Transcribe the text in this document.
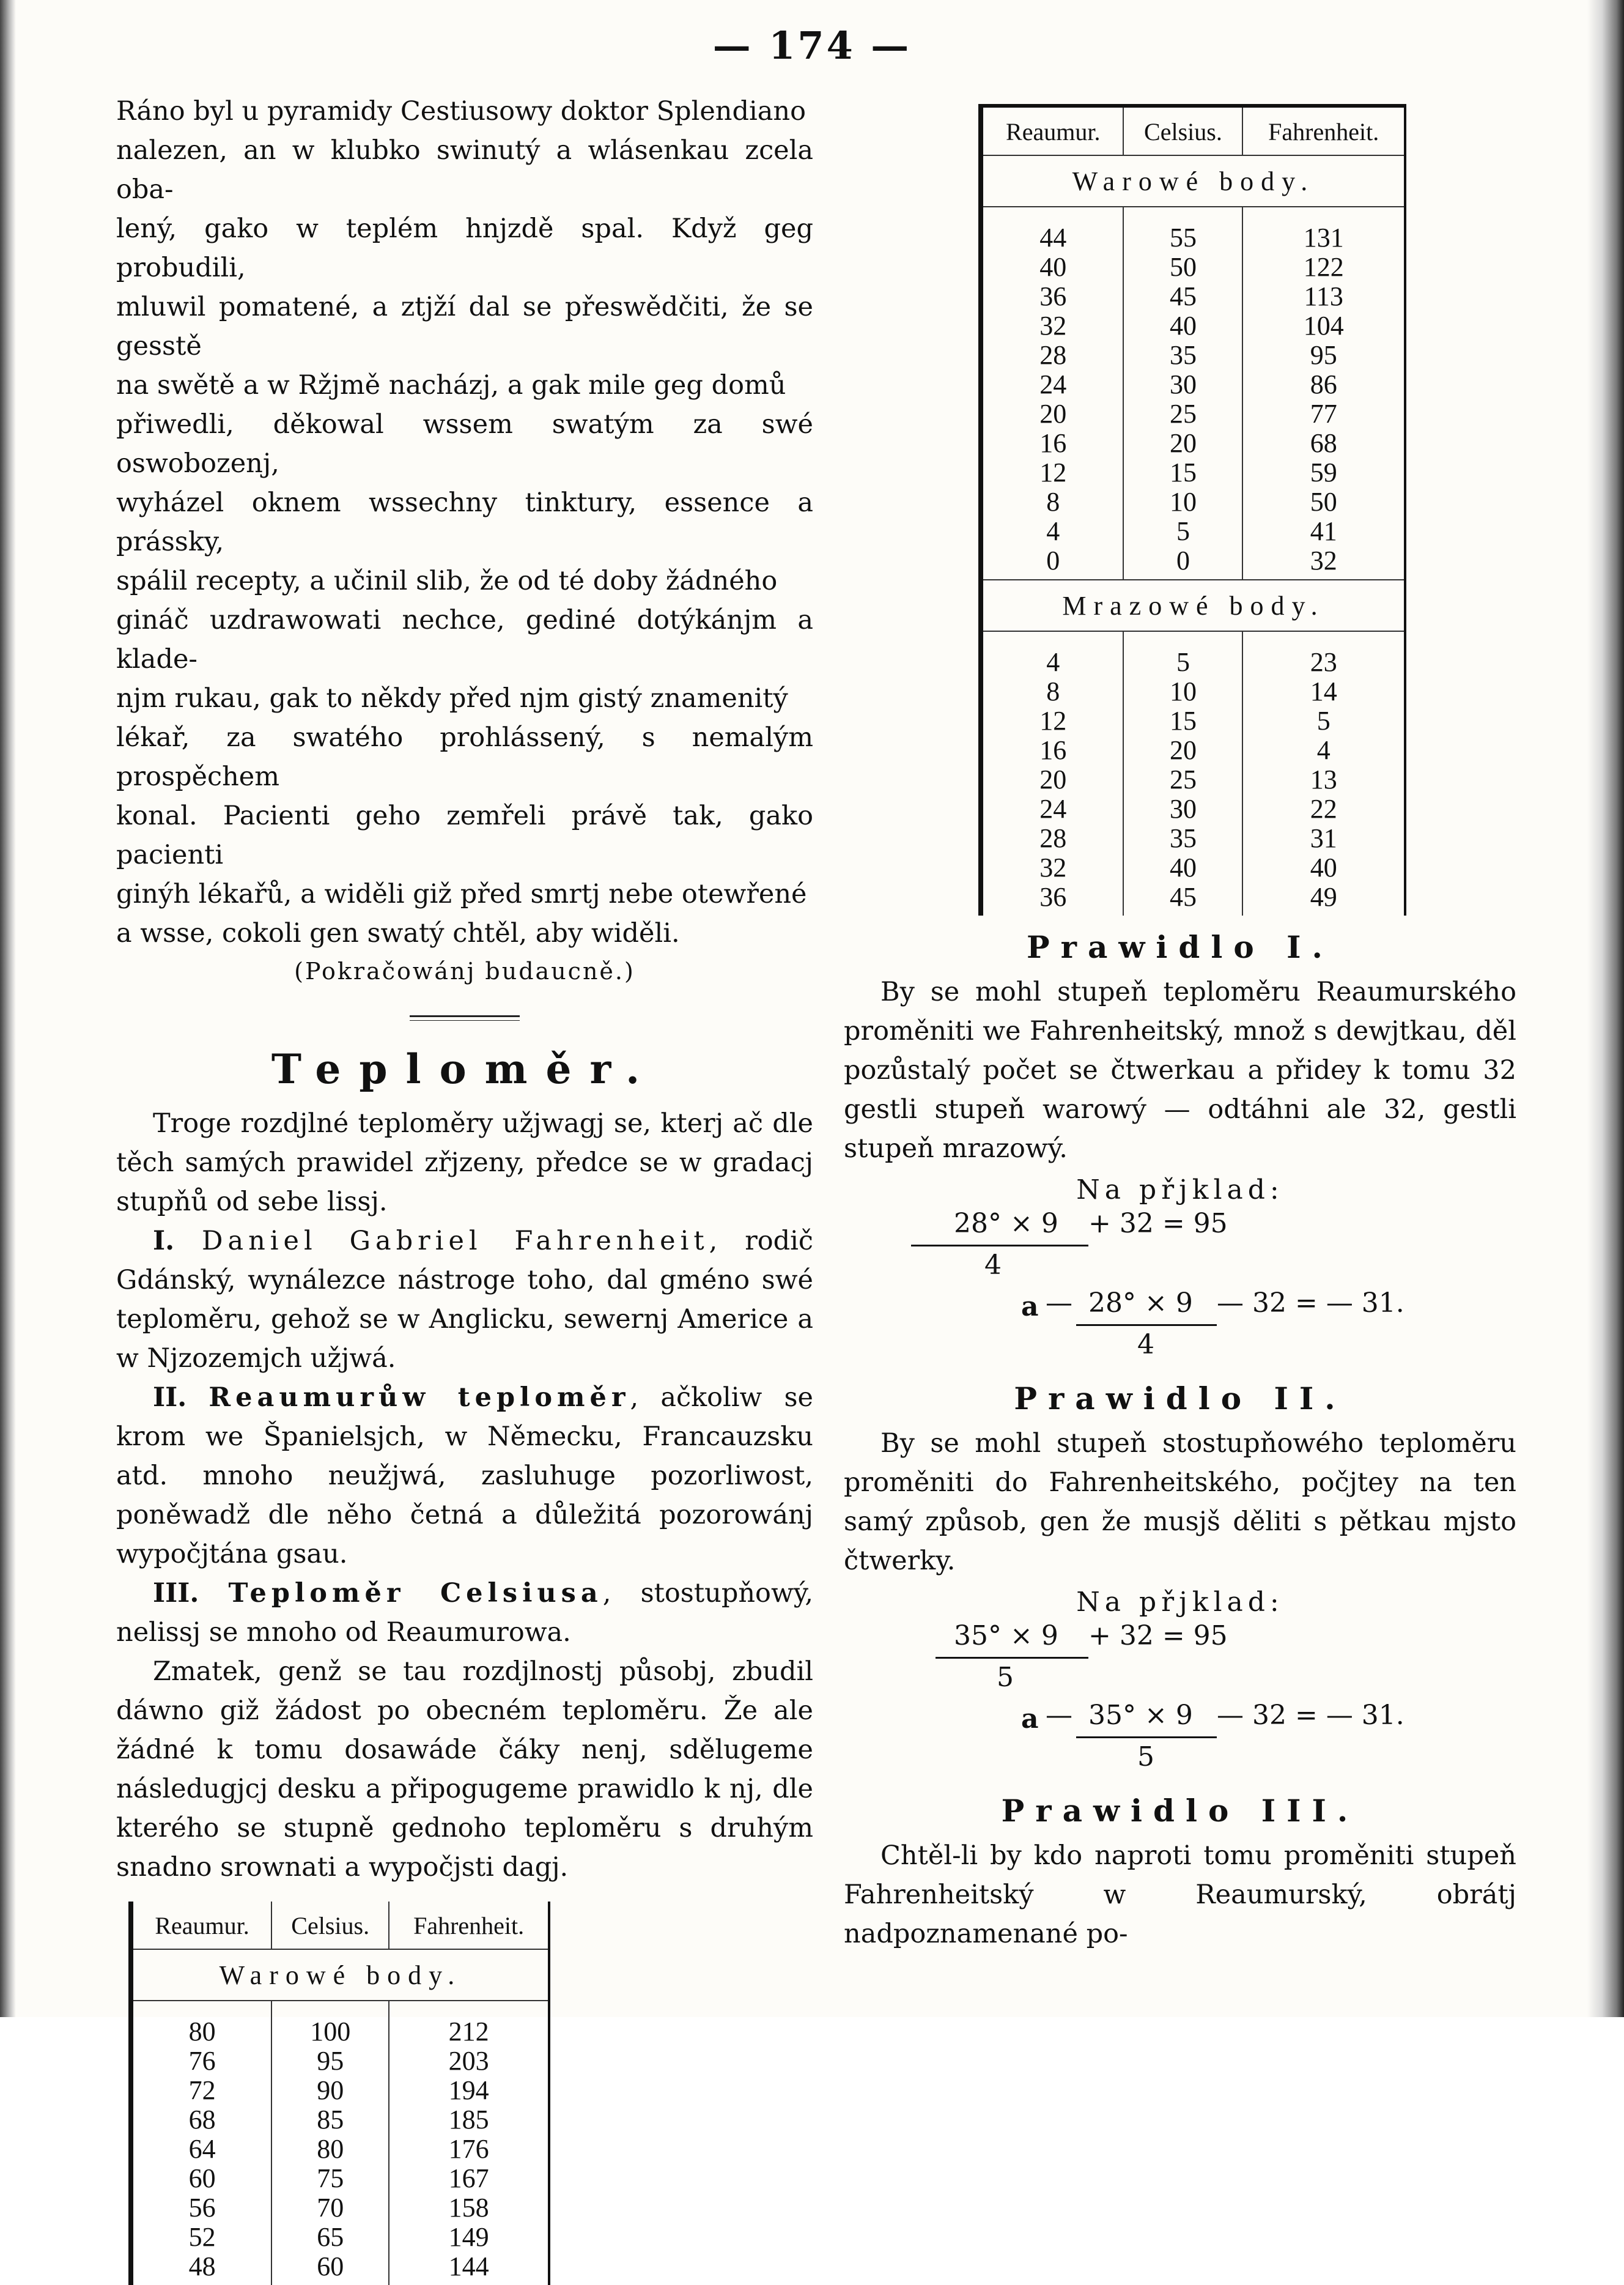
— 174 —
Ráno byl u pyramidy Cestiusowy doktor Splendiano
nalezen, an w klubko swinutý a wlásenkau zcela oba-
lený, gako w teplém hnjzdě spal. Když geg probudili,
mluwil pomatené, a ztjží dal se přeswědčiti, že se gesstě
na swětě a w Ržjmě nacházj, a gak mile geg domů
přiwedli, děkowal wssem swatým za swé oswobozenj,
wyházel oknem wssechny tinktury, essence a prássky,
spálil recepty, a učinil slib, že od té doby žádného
gináč uzdrawowati nechce, gediné dotýkánjm a klade-
njm rukau, gak to někdy před njm gistý znamenitý
lékař, za swatého prohlássený, s nemalým prospěchem
konal. Pacienti geho zemřeli právě tak, gako pacienti
ginýh lékařů, a widěli giž před smrtj nebe otewřené
a wsse, cokoli gen swatý chtěl, aby widěli.

(Pokračowánj budaucně.)

Teploměr.

Troge rozdjlné teploměry užjwagj se, kterj ač dle těch samých prawidel zřjzeny, předce se w gradacj stupňů od sebe lissj.

I. Daniel Gabriel Fahrenheit, rodič Gdánský, wynálezce nástroge toho, dal gméno swé teploměru, gehož se w Anglicku, sewernj Americe a w Njzozemjch užjwá.

II. Reaumurůw teploměr, ačkoliw se krom we Španielsjch, w Německu, Francauzsku atd. mnoho neužjwá, zasluhuge pozorliwost, poněwadž dle něho četná a důležitá pozorowánj wypočjtána gsau.

III. Teploměr Celsiusa, stostupňowý, nelissj se mnoho od Reaumurowa.

Zmatek, genž se tau rozdjlnostj působj, zbudil dáwno giž žádost po obecném teploměru. Že ale žádné k tomu dosawáde čáky nenj, sdělugeme následugjcj desku a připogugeme prawidlo k nj, dle kterého se stupně gednoho teploměru s druhým snadno srownati a wypočjsti dagj.

Reaumur.	Celsius.	Fahrenheit.
Warowé body.		

80	100	212
76	95	203
72	90	194
68	85	185
64	80	176
60	75	167
56	70	158
52	65	149
48	60	144
Reaumur.	Celsius.	Fahrenheit.
Warowé body.		

44	55	131
40	50	122
36	45	113
32	40	104
28	35	95
24	30	86
20	25	77
16	20	68
12	15	59
8	10	50
4	5	41
0	0	32
Mrazowé body.		

4	5	23
8	10	14
12	15	5
16	20	4
20	25	13
24	30	22
28	35	31
32	40	40
36	45	49
Prawidlo I.

By se mohl stupeň teploměru Reaumurského proměniti we Fahrenheitský, množ s dewjtkau, děl pozůstalý počet se čtwerkau a přidey k tomu 32 gestli stupeň warowý — odtáhni ale 32, gestli stupeň mrazowý.

Na přjklad:
28° × 9 + 32 = 95
4
a — 28° × 9 — 32 = — 31.
4
Prawidlo II.

By se mohl stupeň stostupňowého teploměru proměniti do Fahrenheitského, počjtey na ten samý způsob, gen že musjš děliti s pětkau mjsto čtwerky.

Na přjklad:
35° × 9 + 32 = 95
5
a — 35° × 9 — 32 = — 31.
5
Prawidlo III.

Chtěl-li by kdo naproti tomu proměniti stupeň Fahrenheitský w Reaumurský, obrátj nadpoznamenané po-
